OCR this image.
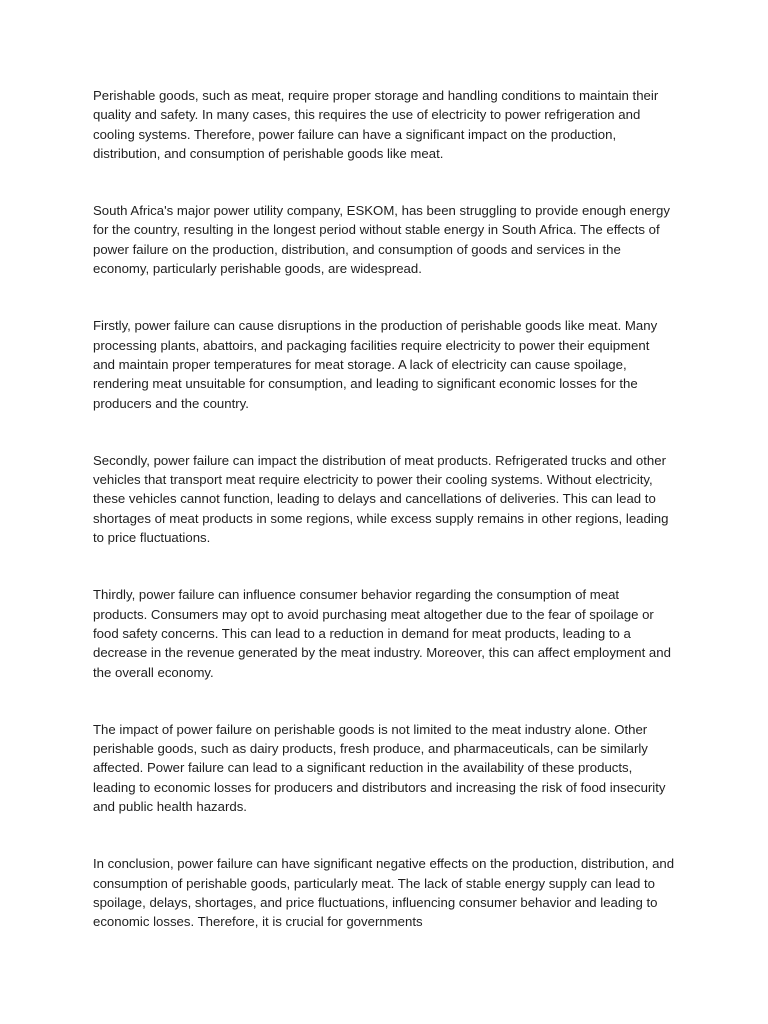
Perishable goods, such as meat, require proper storage and handling conditions to maintain their quality and safety. In many cases, this requires the use of electricity to power refrigeration and cooling systems. Therefore, power failure can have a significant impact on the production, distribution, and consumption of perishable goods like meat.

South Africa's major power utility company, ESKOM, has been struggling to provide enough energy for the country, resulting in the longest period without stable energy in South Africa. The effects of power failure on the production, distribution, and consumption of goods and services in the economy, particularly perishable goods, are widespread.

Firstly, power failure can cause disruptions in the production of perishable goods like meat. Many processing plants, abattoirs, and packaging facilities require electricity to power their equipment and maintain proper temperatures for meat storage. A lack of electricity can cause spoilage, rendering meat unsuitable for consumption, and leading to significant economic losses for the producers and the country.

Secondly, power failure can impact the distribution of meat products. Refrigerated trucks and other vehicles that transport meat require electricity to power their cooling systems. Without electricity, these vehicles cannot function, leading to delays and cancellations of deliveries. This can lead to shortages of meat products in some regions, while excess supply remains in other regions, leading to price fluctuations.

Thirdly, power failure can influence consumer behavior regarding the consumption of meat products. Consumers may opt to avoid purchasing meat altogether due to the fear of spoilage or food safety concerns. This can lead to a reduction in demand for meat products, leading to a decrease in the revenue generated by the meat industry. Moreover, this can affect employment and the overall economy.

The impact of power failure on perishable goods is not limited to the meat industry alone. Other perishable goods, such as dairy products, fresh produce, and pharmaceuticals, can be similarly affected. Power failure can lead to a significant reduction in the availability of these products, leading to economic losses for producers and distributors and increasing the risk of food insecurity and public health hazards.

In conclusion, power failure can have significant negative effects on the production, distribution, and consumption of perishable goods, particularly meat. The lack of stable energy supply can lead to spoilage, delays, shortages, and price fluctuations, influencing consumer behavior and leading to economic losses. Therefore, it is crucial for governments
